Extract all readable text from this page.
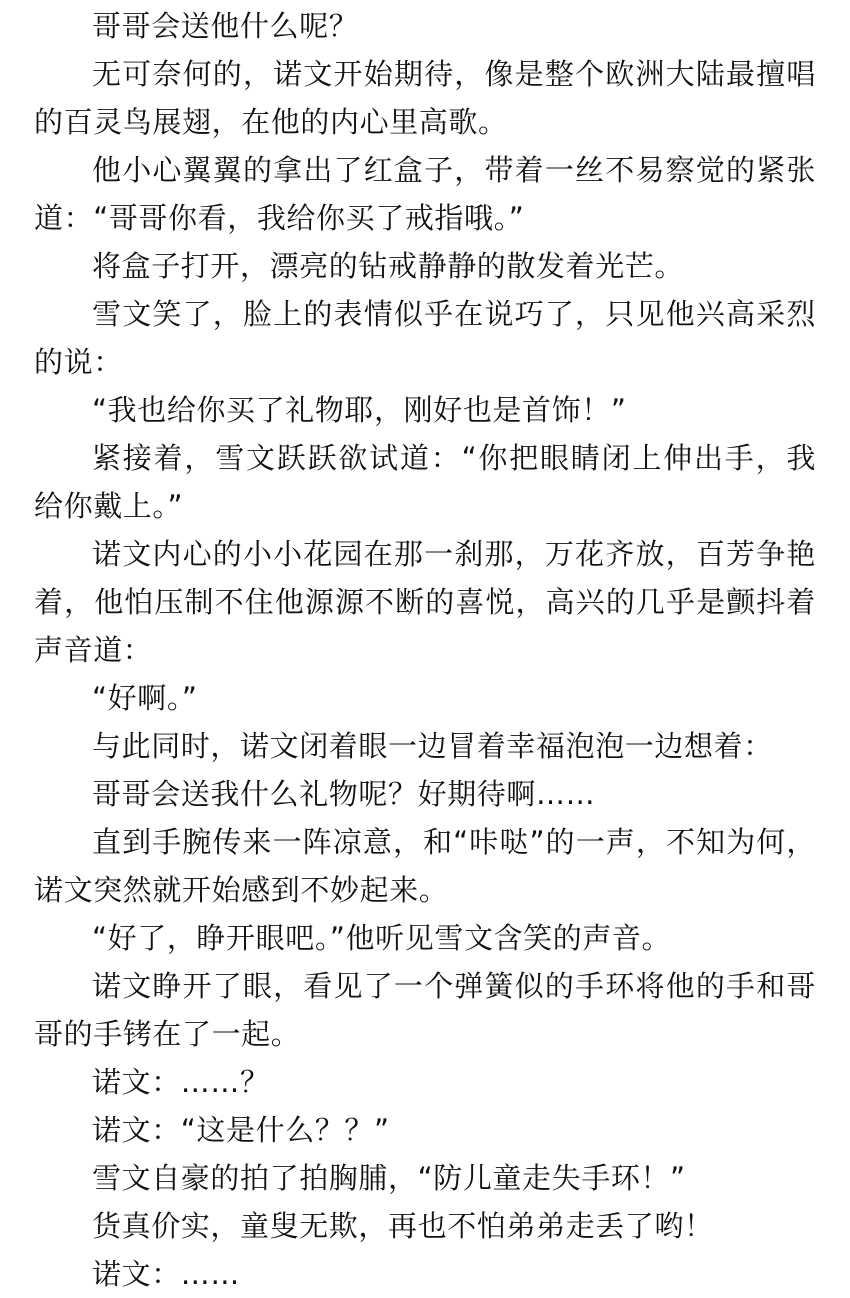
哥哥会送他什么呢？

无可奈何的，诺文开始期待，像是整个欧洲大陆最擅唱的百灵鸟展翅，在他的内心里高歌。

他小心翼翼的拿出了红盒子，带着一丝不易察觉的紧张道：“哥哥你看，我给你买了戒指哦。”

将盒子打开，漂亮的钻戒静静的散发着光芒。

雪文笑了，脸上的表情似乎在说巧了，只见他兴高采烈的说：

“我也给你买了礼物耶，刚好也是首饰！”

紧接着，雪文跃跃欲试道：“你把眼睛闭上伸出手，我给你戴上。”

诺文内心的小小花园在那一刹那，万花齐放，百芳争艳着，他怕压制不住他源源不断的喜悦，高兴的几乎是颤抖着声音道：

“好啊。”

与此同时，诺文闭着眼一边冒着幸福泡泡一边想着：

哥哥会送我什么礼物呢？好期待啊……

直到手腕传来一阵凉意，和“咔哒”的一声，不知为何，诺文突然就开始感到不妙起来。

“好了，睁开眼吧。”他听见雪文含笑的声音。

诺文睁开了眼，看见了一个弹簧似的手环将他的手和哥哥的手铐在了一起。

诺文：……？

诺文：“这是什么？？”

雪文自豪的拍了拍胸脯，“防儿童走失手环！”

货真价实，童叟无欺，再也不怕弟弟走丢了哟！

诺文：……
